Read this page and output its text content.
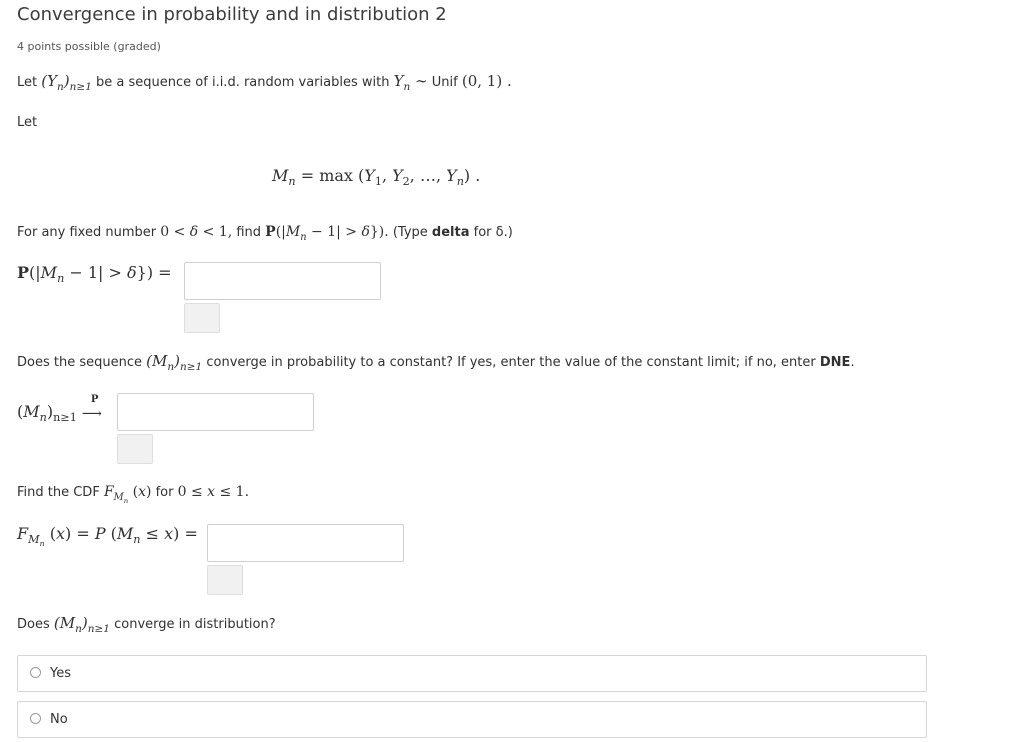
Convergence in probability and in distribution 2
4 points possible (graded)
Let $(Y_n)_{n\ge 1}$ be a sequence of i.i.d. random variables with $Y_n$ ∼ Unif (0, 1) .
Let
$M_n = \max (Y_1$, $Y_2$, …, $Y_n$) .
For any fixed number 0 < δ < 1, find $P(|M_n - 1| > \delta\}$). (Type delta for δ.)
$P(|M_n - 1| > \delta\}$) =
Does the sequence $(M_n)_{n\ge 1}$ converge in probability to a constant? If yes, enter the value of the constant limit; if no, enter DNE.
$(M_n)_{n\ge 1}$
P
⟶
Find the CDF $F_{M_n}$ (x) for 0 ≤ x ≤ 1.
$F_{M_n}$ (x) = P $(M_n \le x)$ =
Does $(M_n)_{n\ge 1}$ converge in distribution?
Yes
No
